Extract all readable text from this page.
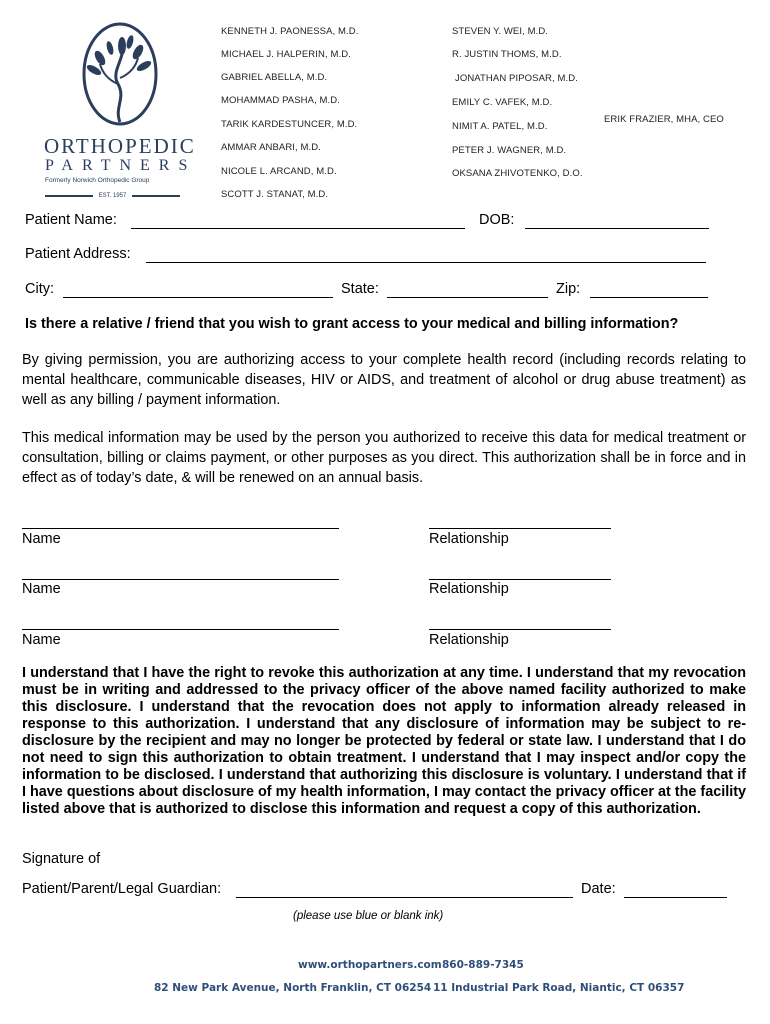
ORTHOPEDIC
PARTNERS
Formerly Norwich Orthopedic Group
EST. 1957
KENNETH J. PAONESSA, M.D.
MICHAEL J. HALPERIN, M.D.
GABRIEL ABELLA, M.D.
MOHAMMAD PASHA, M.D.
TARIK KARDESTUNCER, M.D.
AMMAR ANBARI, M.D.
NICOLE L. ARCAND, M.D.
SCOTT J. STANAT, M.D.
STEVEN Y. WEI, M.D.
R. JUSTIN THOMS, M.D.
JONATHAN PIPOSAR, M.D.
EMILY C. VAFEK, M.D.
NIMIT A. PATEL, M.D.
PETER J. WAGNER, M.D.
OKSANA ZHIVOTENKO, D.O.
ERIK FRAZIER, MHA, CEO
Patient Name:	DOB:
Patient Address:
City:	State:	Zip:
Is there a relative / friend that you wish to grant access to your medical and billing information?

By giving permission, you are authorizing access to your complete health record (including records relating to mental healthcare, communicable diseases, HIV or AIDS, and treatment of alcohol or drug abuse treatment) as well as any billing / payment information.

This medical information may be used by the person you authorized to receive this data for medical treatment or consultation, billing or claims payment, or other purposes as you direct. This authorization shall be in force and in effect as of today’s date, & will be renewed on an annual basis.

Name	Relationship
Name	Relationship
Name	Relationship

I understand that I have the right to revoke this authorization at any time. I understand that my revocation must be in writing and addressed to the privacy officer of the above named facility authorized to make this disclosure. I understand that the revocation does not apply to information already released in response to this authorization. I understand that any disclosure of information may be subject to re-disclosure by the recipient and may no longer be protected by federal or state law. I understand that I do not need to sign this authorization to obtain treatment. I understand that I may inspect and/or copy the information to be disclosed. I understand that authorizing this disclosure is voluntary. I understand that if I have questions about disclosure of my health information, I may contact the privacy officer at the facility listed above that is authorized to disclose this information and request a copy of this authorization.

Signature of
Patient/Parent/Legal Guardian:	Date:
(please use blue or blank ink)
www.orthopartners.com 860-889-7345
82 New Park Avenue, North Franklin, CT 06254 11 Industrial Park Road, Niantic, CT 06357
